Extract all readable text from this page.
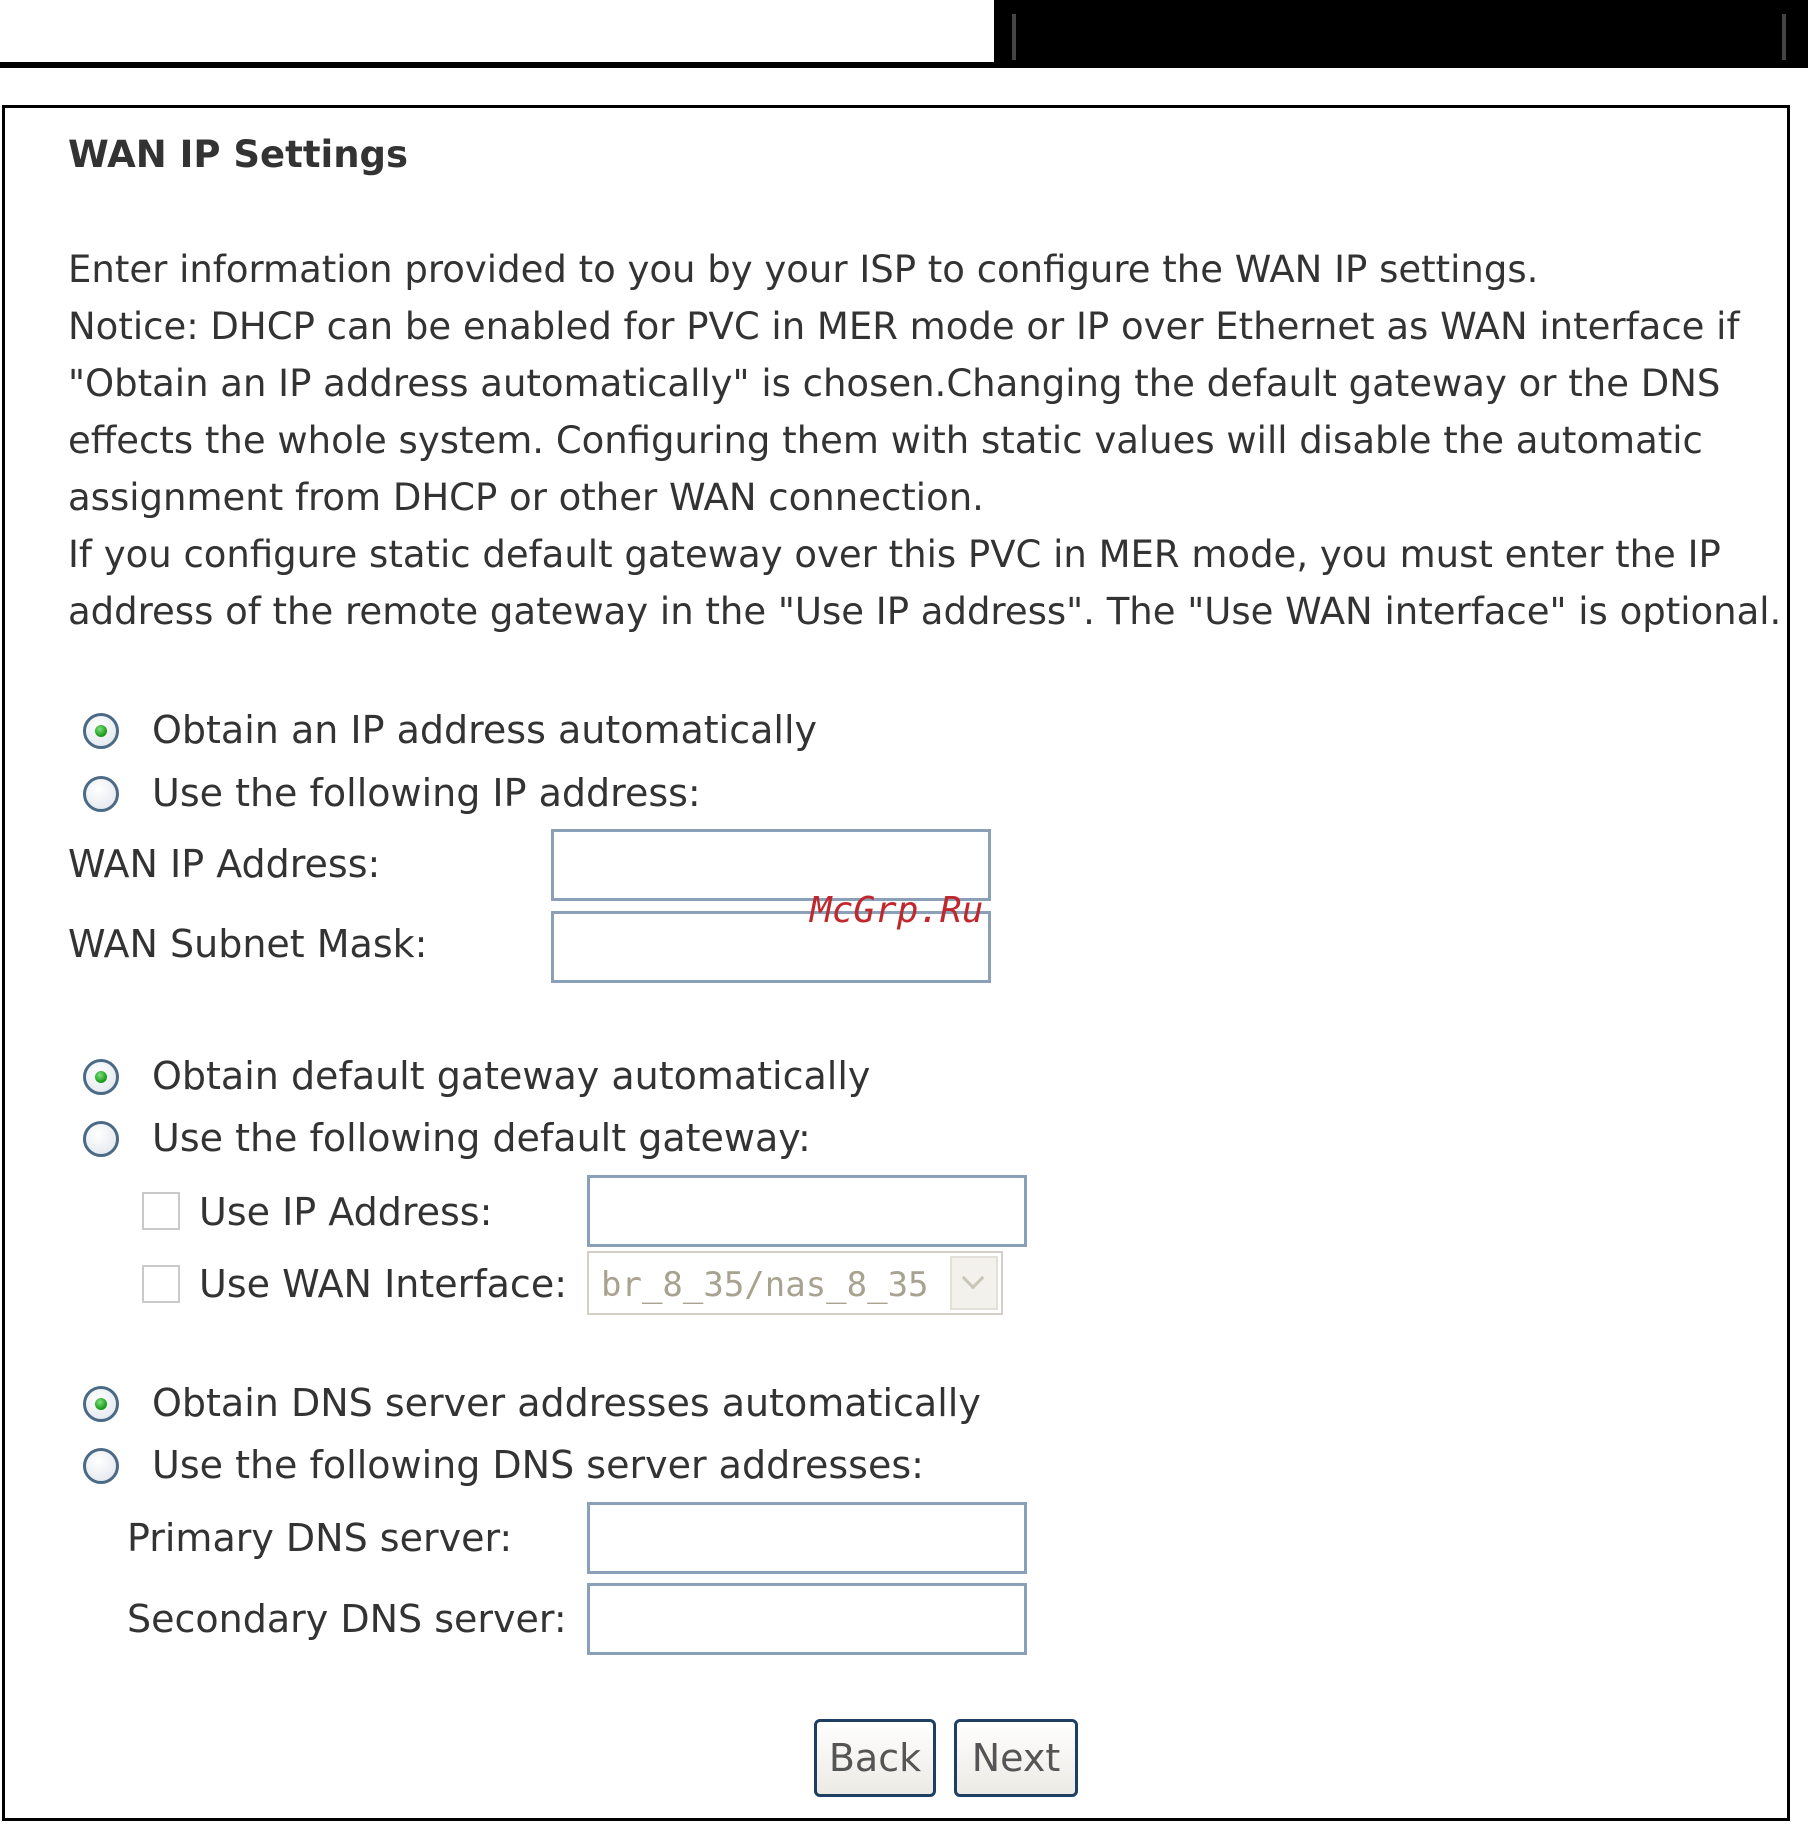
WAN IP Settings
Enter information provided to you by your ISP to configure the WAN IP settings.
Notice: DHCP can be enabled for PVC in MER mode or IP over Ethernet as WAN interface if
"Obtain an IP address automatically" is chosen.Changing the default gateway or the DNS
effects the whole system. Configuring them with static values will disable the automatic
assignment from DHCP or other WAN connection.
If you configure static default gateway over this PVC in MER mode, you must enter the IP
address of the remote gateway in the "Use IP address". The "Use WAN interface" is optional.
Obtain an IP address automatically
Use the following IP address:
WAN IP Address:
WAN Subnet Mask:
Obtain default gateway automatically
Use the following default gateway:
Use IP Address:
Use WAN Interface: br_8_35/nas_8_35
Obtain DNS server addresses automatically
Use the following DNS server addresses:
Primary DNS server:
Secondary DNS server:
Back	Next
McGrp.Ru
